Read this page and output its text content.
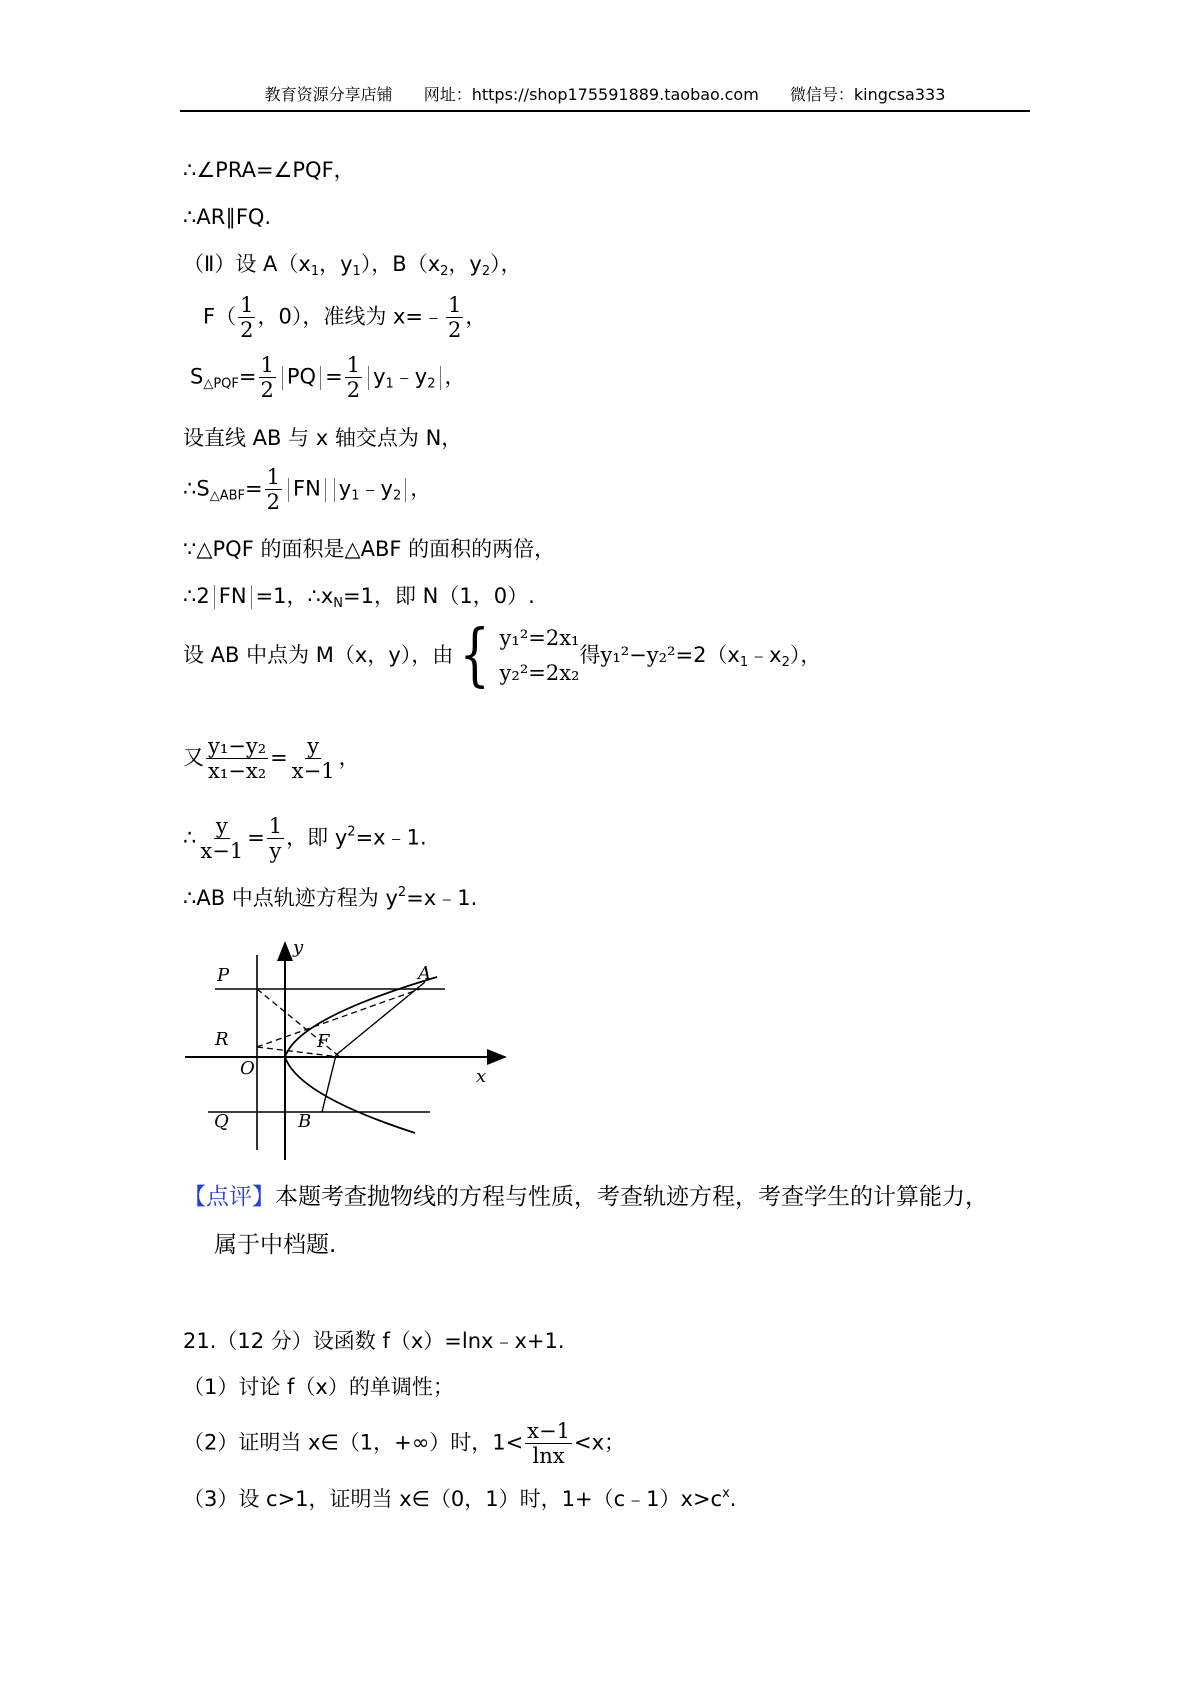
教育资源分享店铺 网址：https://shop175591889.taobao.com 微信号：kingcsa333
∴∠PRA=∠PQF，
∴AR∥FQ.
（Ⅱ）设 $A(x_1$，$y_1$），$B(x_2$，$y_2$），
$F( \frac{1}{2}$ ，0），准线为 x=﹣ $\frac{1}{2}$ ，
$S_{\triangle PQF}= \frac{1}{2}$ PQ = $\frac{1}{2}$ $y_1﹣y_2$ ，
设直线 AB 与 x 轴交点为 N，
$\therefore S_{\triangle ABF}= \frac{1}{2}$ FN $y_1﹣y_2$ ，
∵△PQF 的面积是△ABF 的面积的两倍，
∴2 FN =1，$\therefore x_N=1$，即 N（1，0）.
设 AB 中点为 M（x，y），由 { y₁²=2x₁
y₂²=2x₂
得$y_1^2-y_2^2=2(x_1﹣x_2)$，
又 $\frac{\text{y₁−y₂}}{\text{x₁−x₂}} = \frac{y}{x-1}$ ，
∴ $\frac{y}{x-1} = \frac{1}{y}$ ，即 $y^2=x﹣1$.
∴AB 中点轨迹方程为 $y^2=x﹣1$.
P	A
R	F
O
Q	B
x
y
【点评】本题考查抛物线的方程与性质，考查轨迹方程，考查学生的计算能力，
属于中档题.
21.（12 分）设函数 f（x）=lnx﹣x+1.
（1）讨论 f（x）的单调性；
（2）证明当 x∈（1，+∞）时，$1< \frac{x-1}{\ln x} <x$；
（3）设 c>1，证明当 x∈（0，1）时，$1+(c﹣1)x>c^x$.
